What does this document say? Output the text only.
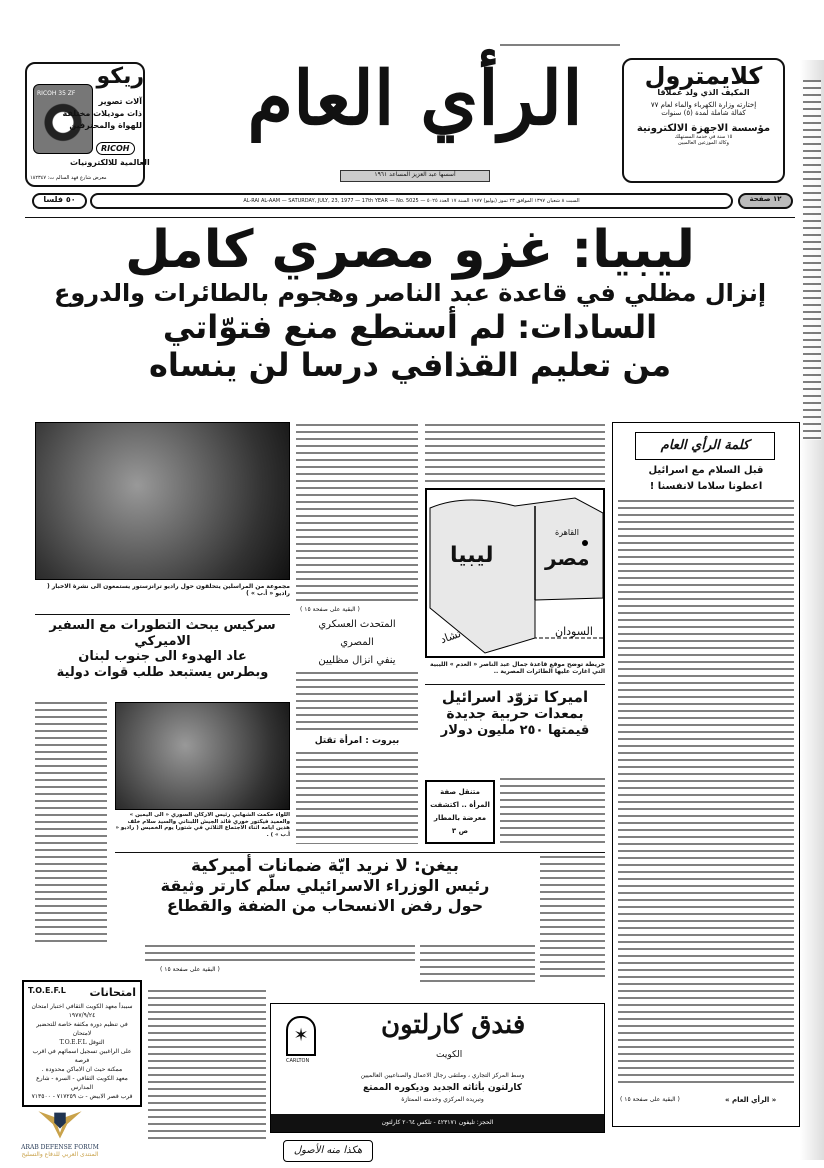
RICOH 35 ZF
ريكو
آلات تصوير
ذات موديلات مختلفة
للهواة والمحترفين
RICOH
العالمية للالكترونيات
معرض شارع فهد السالم ت: ١٨٢٣٤٧
الرأي العام
أسسها عبد العزيز المساعد ١٩٦١
كلايمترول
المكيف الذي ولد عملاقا
إختارته وزارة الكهرباء والماء لعام ٧٧
كفالة شاملة لمدة (٥) سنوات
مؤسسة الاجهزة الالكترونية
١٥ سنة في خدمة المستهلك
وكالة الموزعين العالميين
١٢ صفحة
السبت ٨ شعبان ١٣٩٧ الموافق ٢٣ تموز (يوليو) ١٩٧٧ السنة ١٧ العدد ٥٠٢٥ — AL-RAI AL-AAM — SATURDAY, JULY, 23, 1977 — 17th YEAR — No. 5025
٥٠ فلسا
ليبيا: غزو مصري كامل
إنزال مظلي في قاعدة عبد الناصر وهجوم بالطائرات والدروع
السادات: لم أستطع منع فتوّاتي
من تعليم القذافي درسا لن ينساه
مجموعة من المراسلين يتحلقون حول راديو ترانزستور يستمعون الى نشرة الاخبار ( راديو « أ.ب » )
( البقية على صفحة ١٥ )
ليبيا	مصر
القاهرة
السودان
تشاد
خريطة توضح موقع قاعدة جمال عبد الناصر « العدم » الليبية التي اغارت عليها الطائرات المصرية ..
كلمة الرأي العام
قبل السلام مع اسرائيل
اعطونا سلاما لانفسنا !
« الرأي العام »
( البقية على صفحة ١٥ )
سركيس يبحث التطورات مع السفير الاميركي
عاد الهدوء الى جنوب لبنان
وبطرس يستبعد طلب قوات دولية
اللواء حكمت الشهابي رئيس الاركان السوري « الى اليمين » والعميد فيكتور خوري قائد الجيش اللبناني والسيد سلام خلف هذين ايامه اثناء الاجتماع الثلاثي في شتورا يوم الخميس ( راديو « أ.ب » ) .
المتحدث العسكري
المصري
ينفي انزال مظليين
بيروت : امرأة تقتل
اميركا تزوّد اسرائيل
بمعدات حربية جديدة
قيمتها ٢٥٠ مليون دولار
متنقل صفة
المرأة .. اكتشفت
معرضة بالمطار
ص ٣
بيغن: لا نريد ايّة ضمانات أميركية
رئيس الوزراء الاسرائيلي سلّم كارتر وثيقة
حول رفض الانسحاب من الضفة والقطاع
( البقية على صفحة ١٥ )
امتحانات
T.O.E.F.L
سيبدأ معهد الكويت الثقافي اختبار امتحان ١٩٧٧/٩/٢٤
في تنظيم دورة مكثفة خاصة للتحضير لامتحان
التوفل T.O.E.F.L
على الراغبين تسجيل اسمائهم في اقرب فرصة
ممكنة حيث ان الاماكن محدودة .
معهد الكويت الثقافي - السرة - شارع المدارس
قرب قصر الابيض - ت ٧١٧٢٥٩ - ٧١٣٥٠٠
✶
CARLTON
فندق كارلتون
الكويت
وسط المركز التجاري ، وملتقى رجال الاعمال والصناعيين العالميين
كارلتون بأثاثه الجديد وديكوره الممتع
وتبريده المركزي وخدمته الممتازة
الحجز: تليفون ٤٢٣١٧١ - تلكس ٢٠٦٤ كارلتون
هكذا منه الأصول
ARAB DEFENSE FORUM
المنتدى العربي للدفاع والتسليح
